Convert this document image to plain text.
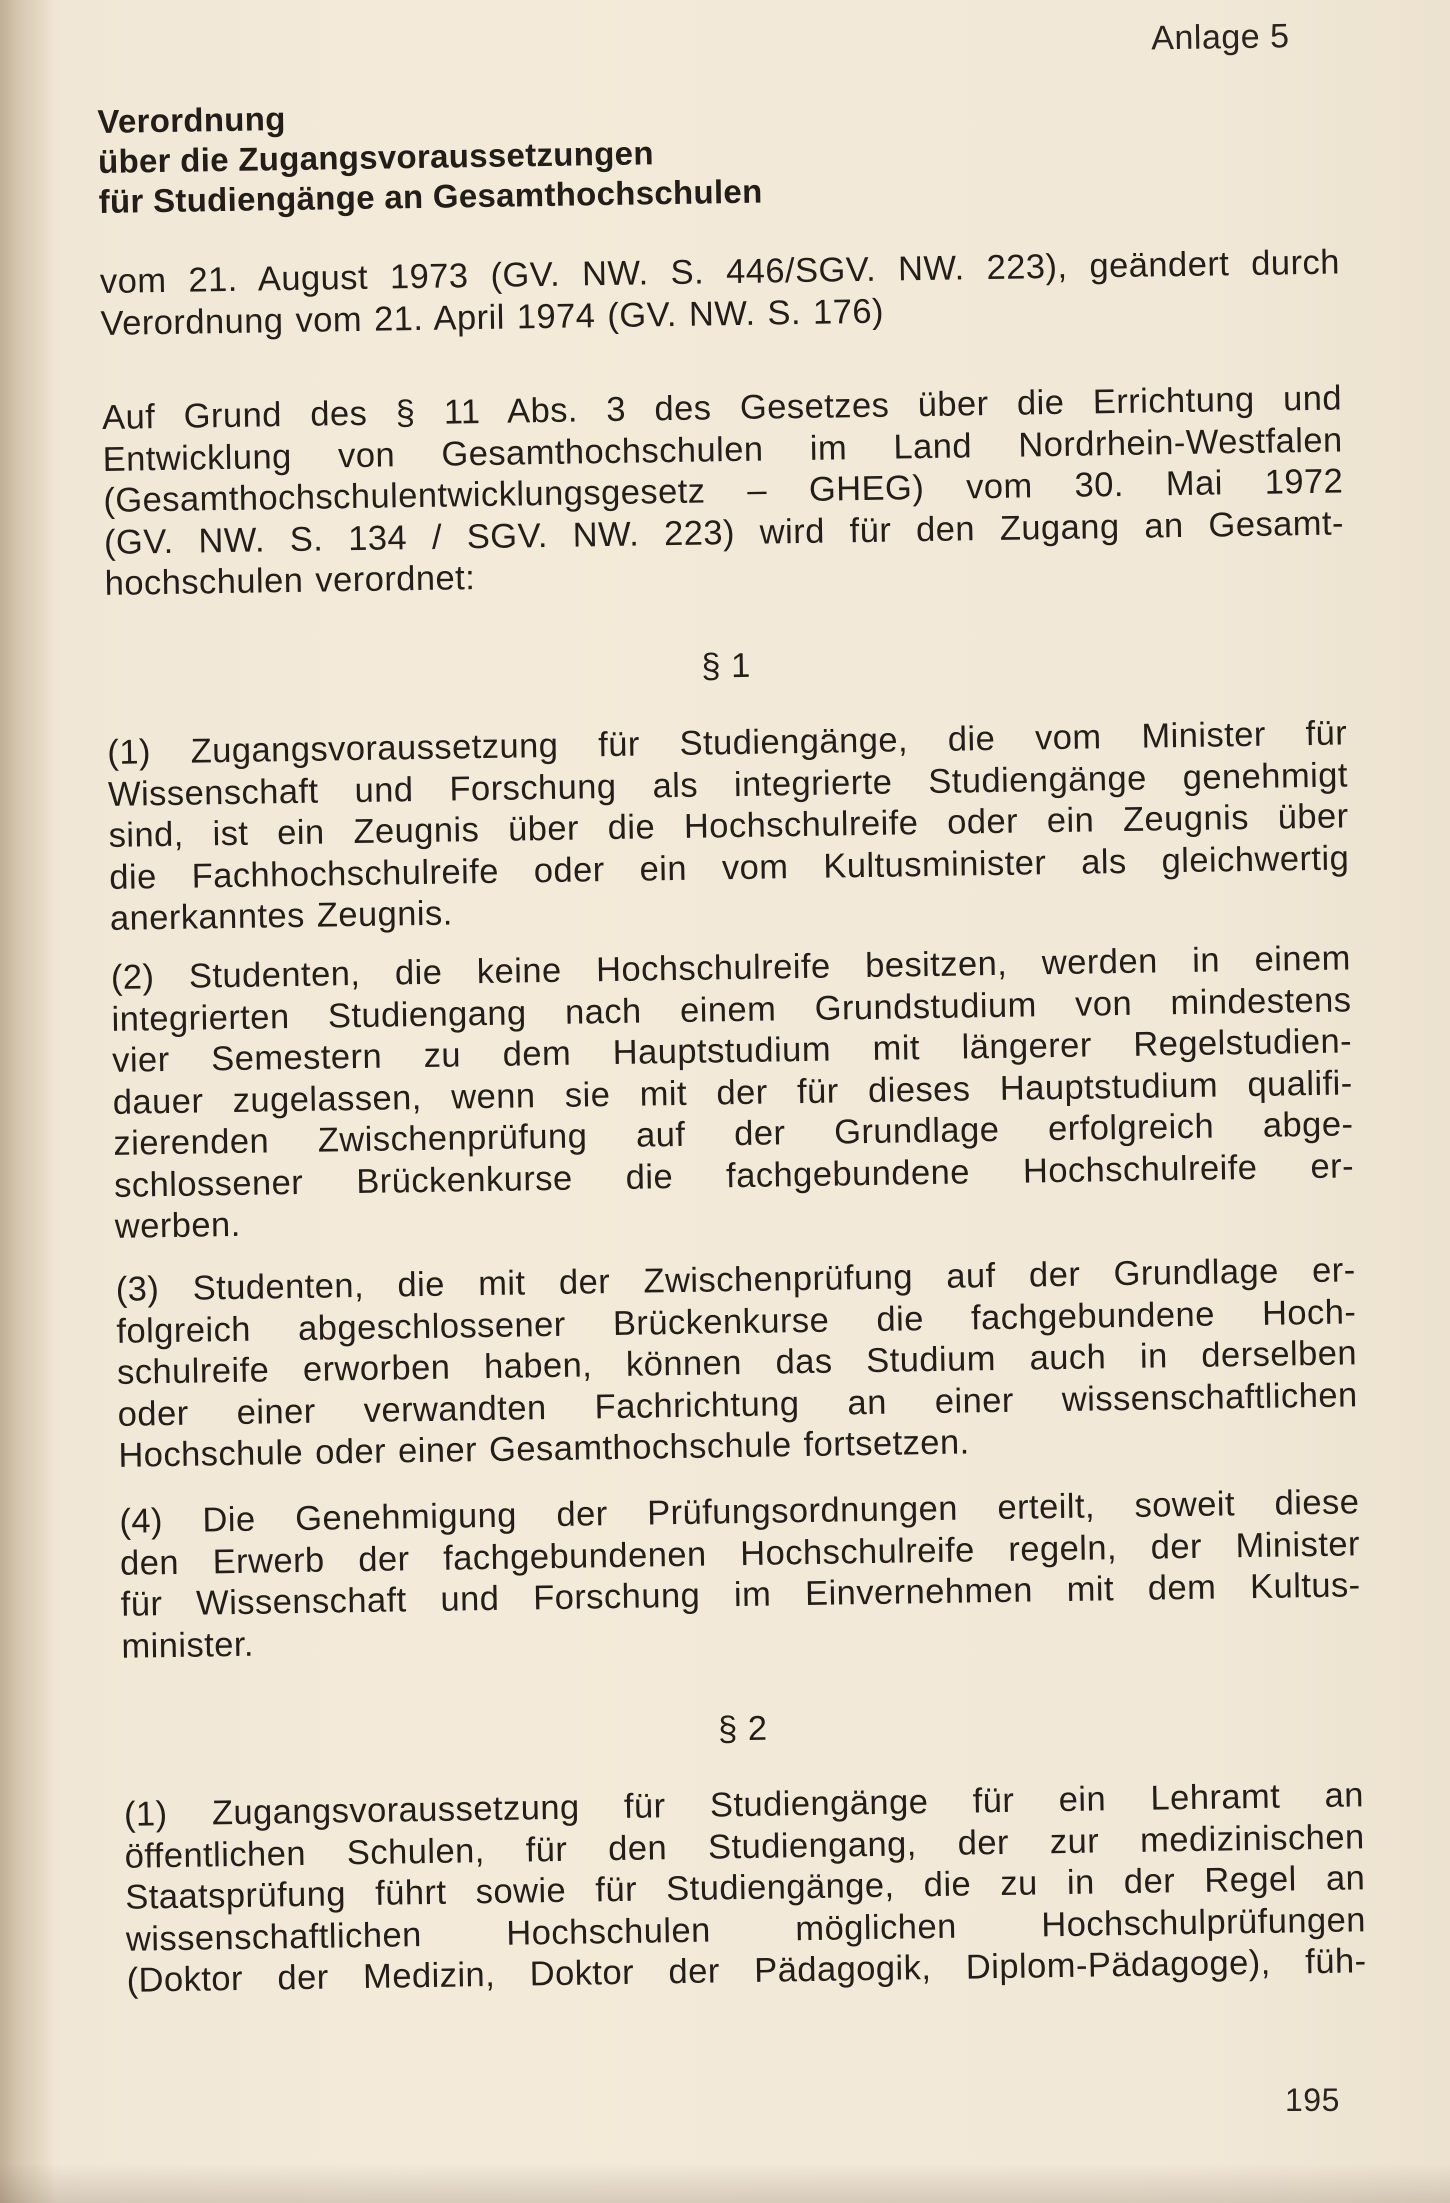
Anlage 5
Verordnung
über die Zugangsvoraussetzungen
für Studiengänge an Gesamthochschulen
vom 21. August 1973 (GV. NW. S. 446/SGV. NW. 223), geändert durch
Verordnung vom 21. April 1974 (GV. NW. S. 176)
Auf Grund des § 11 Abs. 3 des Gesetzes über die Errichtung und
Entwicklung von Gesamthochschulen im Land Nordrhein-Westfalen
(Gesamthochschulentwicklungsgesetz – GHEG) vom 30. Mai 1972
(GV. NW. S. 134 / SGV. NW. 223) wird für den Zugang an Gesamt-
hochschulen verordnet:
§ 1
(1) Zugangsvoraussetzung für Studiengänge, die vom Minister für
Wissenschaft und Forschung als integrierte Studiengänge genehmigt
sind, ist ein Zeugnis über die Hochschulreife oder ein Zeugnis über
die Fachhochschulreife oder ein vom Kultusminister als gleichwertig
anerkanntes Zeugnis.
(2) Studenten, die keine Hochschulreife besitzen, werden in einem
integrierten Studiengang nach einem Grundstudium von mindestens
vier Semestern zu dem Hauptstudium mit längerer Regelstudien-
dauer zugelassen, wenn sie mit der für dieses Hauptstudium qualifi-
zierenden Zwischenprüfung auf der Grundlage erfolgreich abge-
schlossener Brückenkurse die fachgebundene Hochschulreife er-
werben.
(3) Studenten, die mit der Zwischenprüfung auf der Grundlage er-
folgreich abgeschlossener Brückenkurse die fachgebundene Hoch-
schulreife erworben haben, können das Studium auch in derselben
oder einer verwandten Fachrichtung an einer wissenschaftlichen
Hochschule oder einer Gesamthochschule fortsetzen.
(4) Die Genehmigung der Prüfungsordnungen erteilt, soweit diese
den Erwerb der fachgebundenen Hochschulreife regeln, der Minister
für Wissenschaft und Forschung im Einvernehmen mit dem Kultus-
minister.
§ 2
(1) Zugangsvoraussetzung für Studiengänge für ein Lehramt an
öffentlichen Schulen, für den Studiengang, der zur medizinischen
Staatsprüfung führt sowie für Studiengänge, die zu in der Regel an
wissenschaftlichen Hochschulen möglichen Hochschulprüfungen
(Doktor der Medizin, Doktor der Pädagogik, Diplom-Pädagoge), füh-
195
